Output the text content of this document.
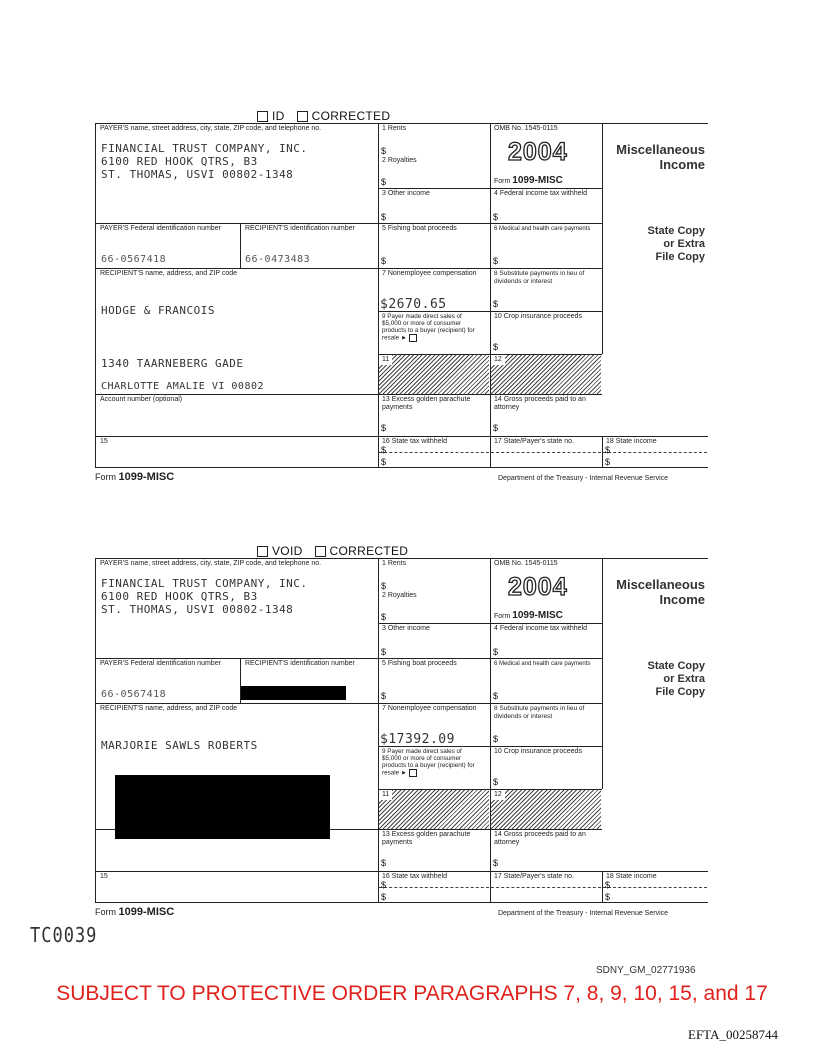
ID CORRECTED
PAYER'S name, street address, city, state, ZIP code, and telephone no.
FINANCIAL TRUST COMPANY, INC.
6100 RED HOOK QTRS, B3
ST. THOMAS, USVI 00802-1348
1 Rents
$
2 Royalties
$
OMB No. 1545-0115
2004
Form 1099-MISC
Miscellaneous
Income
3 Other income
$
4 Federal income tax withheld
$
State Copy
or Extra
File Copy
PAYER'S Federal identification number	RECIPIENT'S identification number
66-0567418	66-0473483
5 Fishing boat proceeds
$
6 Medical and health care payments
$
RECIPIENT'S name, address, and ZIP code
HODGE & FRANCOIS
1340 TAARNEBERG GADE
CHARLOTTE AMALIE VI 00802
7 Nonemployee compensation
$2670.65
8 Substitute payments in lieu of dividends or interest
$
9 Payer made direct sales of $5,000 or more of consumer products to a buyer (recipient) for resale ►
10 Crop insurance proceeds
$
11	12
Account number (optional)	13 Excess golden parachute payments
$
14 Gross proceeds paid to an attorney
$
15	16 State tax withheld
$
$
17 State/Payer's state no.	18 State income
$
$
Form 1099-MISC	Department of the Treasury - Internal Revenue Service
VOID CORRECTED
PAYER'S name, street address, city, state, ZIP code, and telephone no.
FINANCIAL TRUST COMPANY, INC.
6100 RED HOOK QTRS, B3
ST. THOMAS, USVI 00802-1348
1 Rents
$
2 Royalties
$
OMB No. 1545-0115
2004
Form 1099-MISC
Miscellaneous
Income
3 Other income
$
4 Federal income tax withheld
$
State Copy
or Extra
File Copy
PAYER'S Federal identification number	RECIPIENT'S identification number
66-0567418
5 Fishing boat proceeds
$
6 Medical and health care payments
$
RECIPIENT'S name, address, and ZIP code
MARJORIE SAWLS ROBERTS
7 Nonemployee compensation
$17392.09
8 Substitute payments in lieu of dividends or interest
$
9 Payer made direct sales of $5,000 or more of consumer products to a buyer (recipient) for resale ►
10 Crop insurance proceeds
$
11	12
13 Excess golden parachute payments
$
14 Gross proceeds paid to an attorney
$
15	16 State tax withheld
$
$
17 State/Payer's state no.	18 State income
$
$
Form 1099-MISC	Department of the Treasury - Internal Revenue Service
TC0039
SDNY_GM_02771936
SUBJECT TO PROTECTIVE ORDER PARAGRAPHS 7, 8, 9, 10, 15, and 17
EFTA_00258744
